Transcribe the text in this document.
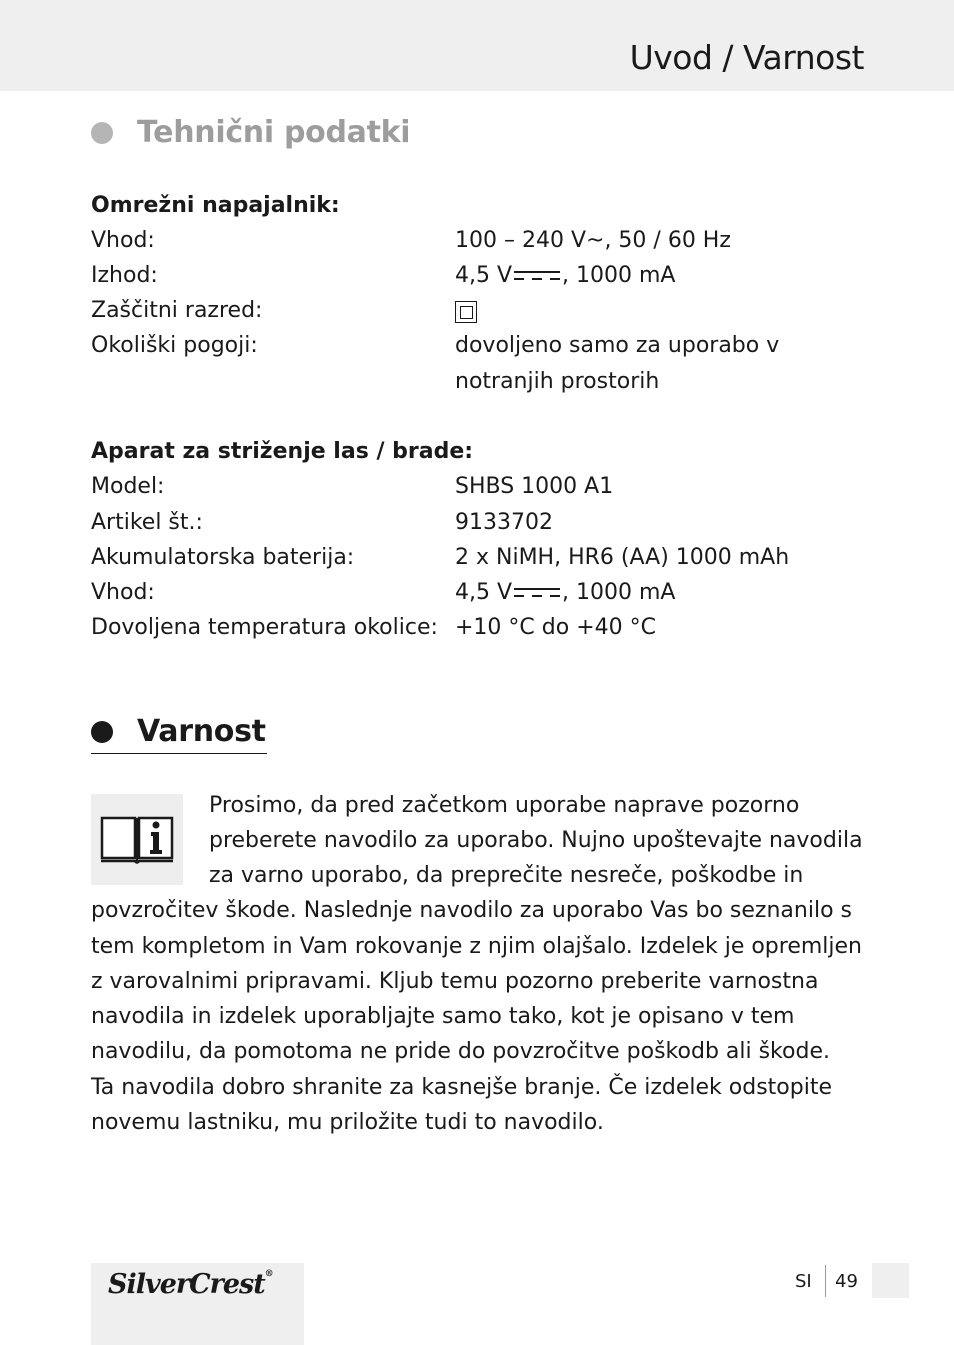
Uvod / Varnost
Tehnični podatki
Omrežni napajalnik:
Vhod:	100 – 240 V~, 50 / 60 Hz
Izhod:	4,5 V , 1000 mA
Zaščitni razred:
Okoliški pogoji:	dovoljeno samo za uporabo v
notranjih prostorih
Aparat za striženje las / brade:
Model:	SHBS 1000 A1
Artikel št.:	9133702
Akumulatorska baterija:	2 x NiMH, HR6 (AA) 1000 mAh
Vhod:	4,5 V , 1000 mA
Dovoljena temperatura okolice: +10 °C do +40 °C
Varnost
Prosimo, da pred začetkom uporabe naprave pozorno
preberete navodilo za uporabo. Nujno upoštevajte navodila
za varno uporabo, da preprečite nesreče, poškodbe in
povzročitev škode. Naslednje navodilo za uporabo Vas bo seznanilo s
tem kompletom in Vam rokovanje z njim olajšalo. Izdelek je opremljen
z varovalnimi pripravami. Kljub temu pozorno preberite varnostna
navodila in izdelek uporabljajte samo tako, kot je opisano v tem
navodilu, da pomotoma ne pride do povzročitve poškodb ali škode.
Ta navodila dobro shranite za kasnejše branje. Če izdelek odstopite
novemu lastniku, mu priložite tudi to navodilo.
SilverCrest®	SI 49
